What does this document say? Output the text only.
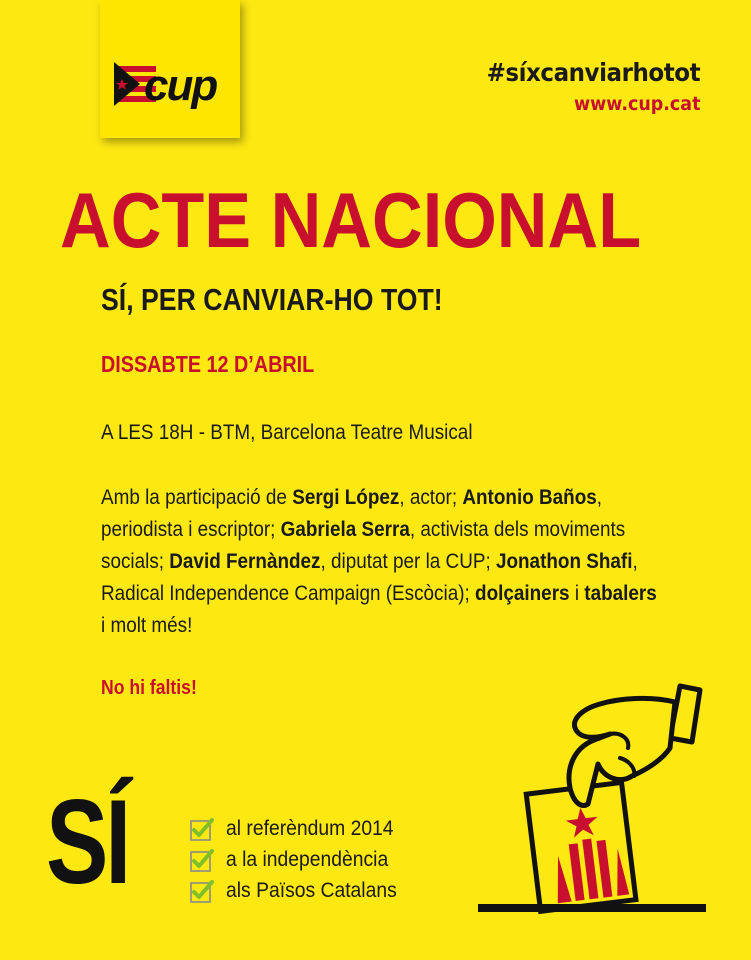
cup	#síxcanviarhotot
www.cup.cat
ACTE NACIONAL
SÍ, PER CANVIAR-HO TOT!
DISSABTE 12 D’ABRIL
A LES 18H - BTM, Barcelona Teatre Musical
Amb la participació de Sergi López, actor; Antonio Baños, periodista i escriptor; Gabriela Serra, activista dels moviments socials; David Fernàndez, diputat per la CUP; Jonathon Shafi, Radical Independence Campaign (Escòcia); dolçainers i tabalers i molt més!
No hi faltis!
SÍ	al referèndum 2014
a la independència
als Països Catalans
